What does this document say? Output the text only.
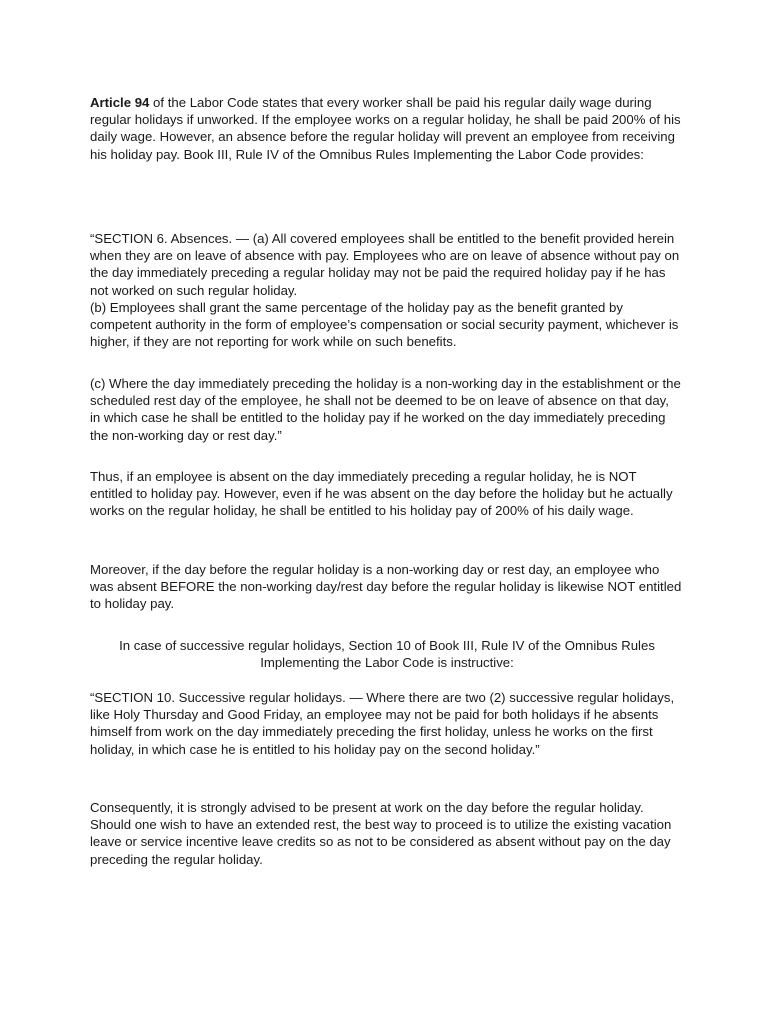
Article 94 of the Labor Code states that every worker shall be paid his regular daily wage during regular holidays if unworked. If the employee works on a regular holiday, he shall be paid 200% of his daily wage. However, an absence before the regular holiday will prevent an employee from receiving his holiday pay. Book III, Rule IV of the Omnibus Rules Implementing the Labor Code provides:

“SECTION 6. Absences. — (a) All covered employees shall be entitled to the benefit provided herein when they are on leave of absence with pay. Employees who are on leave of absence without pay on the day immediately preceding a regular holiday may not be paid the required holiday pay if he has not worked on such regular holiday.

(b) Employees shall grant the same percentage of the holiday pay as the benefit granted by competent authority in the form of employee’s compensation or social security payment, whichever is higher, if they are not reporting for work while on such benefits.

(c) Where the day immediately preceding the holiday is a non-working day in the establishment or the scheduled rest day of the employee, he shall not be deemed to be on leave of absence on that day, in which case he shall be entitled to the holiday pay if he worked on the day immediately preceding the non-working day or rest day.”

Thus, if an employee is absent on the day immediately preceding a regular holiday, he is NOT entitled to holiday pay. However, even if he was absent on the day before the holiday but he actually works on the regular holiday, he shall be entitled to his holiday pay of 200% of his daily wage.

Moreover, if the day before the regular holiday is a non-working day or rest day, an employee who was absent BEFORE the non-working day/rest day before the regular holiday is likewise NOT entitled to holiday pay.

In case of successive regular holidays, Section 10 of Book III, Rule IV of the Omnibus Rules Implementing the Labor Code is instructive:

“SECTION 10. Successive regular holidays. — Where there are two (2) successive regular holidays, like Holy Thursday and Good Friday, an employee may not be paid for both holidays if he absents himself from work on the day immediately preceding the first holiday, unless he works on the first holiday, in which case he is entitled to his holiday pay on the second holiday.”

Consequently, it is strongly advised to be present at work on the day before the regular holiday. Should one wish to have an extended rest, the best way to proceed is to utilize the existing vacation leave or service incentive leave credits so as not to be considered as absent without pay on the day preceding the regular holiday.
